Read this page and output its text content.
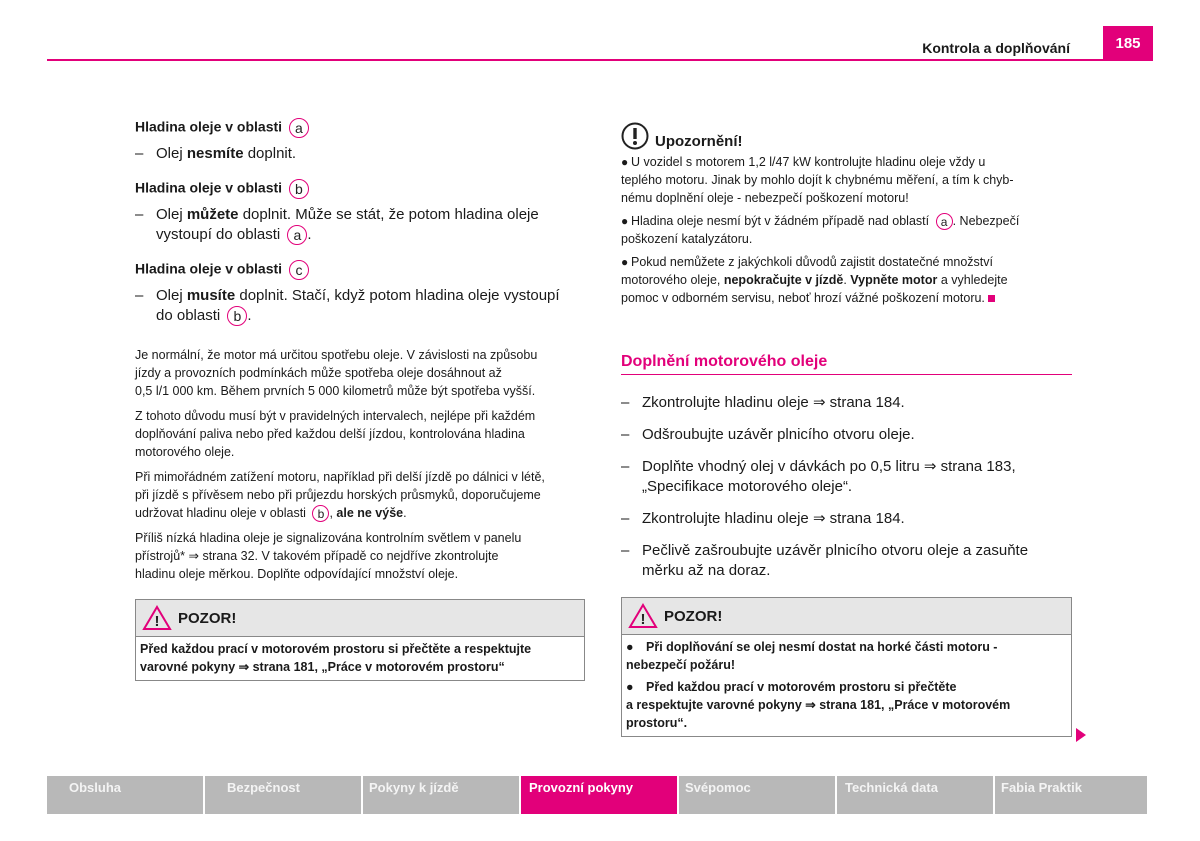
Kontrola a doplňování	185

Hladina oleje v oblasti a

– Olej nesmíte doplnit.

Hladina oleje v oblasti b

– Olej můžete doplnit. Může se stát, že potom hladina oleje
vystoupí do oblasti a .

Hladina oleje v oblasti c

– Olej musíte doplnit. Stačí, když potom hladina oleje vystoupí
do oblasti b .

Je normální, že motor má určitou spotřebu oleje. V závislosti na způsobu
jízdy a provozních podmínkách může spotřeba oleje dosáhnout až
0,5 l/1 000 km. Během prvních 5 000 kilometrů může být spotřeba vyšší.

Z tohoto důvodu musí být v pravidelných intervalech, nejlépe při každém
doplňování paliva nebo před každou delší jízdou, kontrolována hladina
motorového oleje.

Při mimořádném zatížení motoru, například při delší jízdě po dálnici v létě,
při jízdě s přívěsem nebo při průjezdu horských průsmyků, doporučujeme
udržovat hladinu oleje v oblasti b , ale ne výše.

Příliš nízká hladina oleje je signalizována kontrolním světlem v panelu
přístrojů* ⇒ strana 32. V takovém případě co nejdříve zkontrolujte
hladinu oleje měrkou. Doplňte odpovídající množství oleje.

! POZOR!
Před každou prací v motorovém prostoru si přečtěte a respektujte
varovné pokyny ⇒ strana 181, „Práce v motorovém prostoru“
Upozornění!
● U vozidel s motorem 1,2 l/47 kW kontrolujte hladinu oleje vždy u
teplého motoru. Jinak by mohlo dojít k chybnému měření, a tím k chyb-
nému doplnění oleje - nebezpečí poškození motoru!
● Hladina oleje nesmí být v žádném případě nad oblastí a . Nebezpečí
poškození katalyzátoru.
● Pokud nemůžete z jakýchkoli důvodů zajistit dostatečné množství
motorového oleje, nepokračujte v jízdě. Vypněte motor a vyhledejte
pomoc v odborném servisu, neboť hrozí vážné poškození motoru.
Doplnění motorového oleje
– Zkontrolujte hladinu oleje ⇒ strana 184.
– Odšroubujte uzávěr plnicího otvoru oleje.
– Doplňte vhodný olej v dávkách po 0,5 litru ⇒ strana 183,
„Specifikace motorového oleje“.
– Zkontrolujte hladinu oleje ⇒ strana 184.
– Pečlivě zašroubujte uzávěr plnicího otvoru oleje a zasuňte
měrku až na doraz.
! POZOR!
● Při doplňování se olej nesmí dostat na horké části motoru -
nebezpečí požáru!
● Před každou prací v motorovém prostoru si přečtěte
a respektujte varovné pokyny ⇒ strana 181, „Práce v motorovém
prostoru“.
Obsluha	Bezpečnost	Pokyny k jízdě	Provozní pokyny	Svépomoc	Technická data	Fabia Praktik
